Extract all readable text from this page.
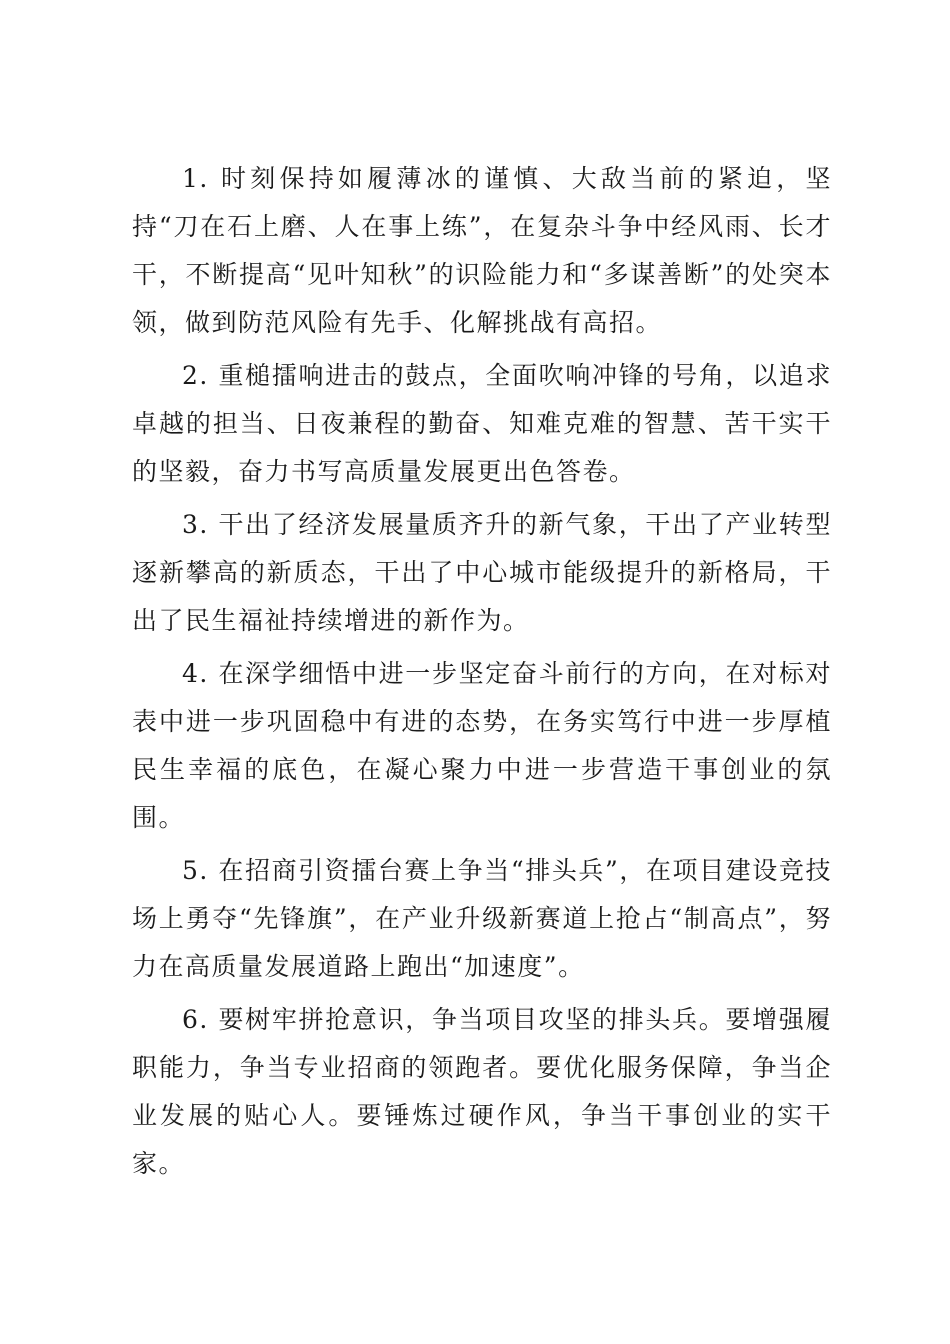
1. 时刻保持如履薄冰的谨慎、大敌当前的紧迫，坚持“刀在石上磨、人在事上练”，在复杂斗争中经风雨、长才干，不断提高“见叶知秋”的识险能力和“多谋善断”的处突本领，做到防范风险有先手、化解挑战有高招。

2. 重槌擂响进击的鼓点，全面吹响冲锋的号角，以追求卓越的担当、日夜兼程的勤奋、知难克难的智慧、苦干实干的坚毅，奋力书写高质量发展更出色答卷。

3. 干出了经济发展量质齐升的新气象，干出了产业转型逐新攀高的新质态，干出了中心城市能级提升的新格局，干出了民生福祉持续增进的新作为。

4. 在深学细悟中进一步坚定奋斗前行的方向，在对标对表中进一步巩固稳中有进的态势，在务实笃行中进一步厚植民生幸福的底色，在凝心聚力中进一步营造干事创业的氛围。

5. 在招商引资擂台赛上争当“排头兵”，在项目建设竞技场上勇夺“先锋旗”，在产业升级新赛道上抢占“制高点”，努力在高质量发展道路上跑出“加速度”。

6. 要树牢拼抢意识，争当项目攻坚的排头兵。要增强履职能力，争当专业招商的领跑者。要优化服务保障，争当企业发展的贴心人。要锤炼过硬作风，争当干事创业的实干家。
